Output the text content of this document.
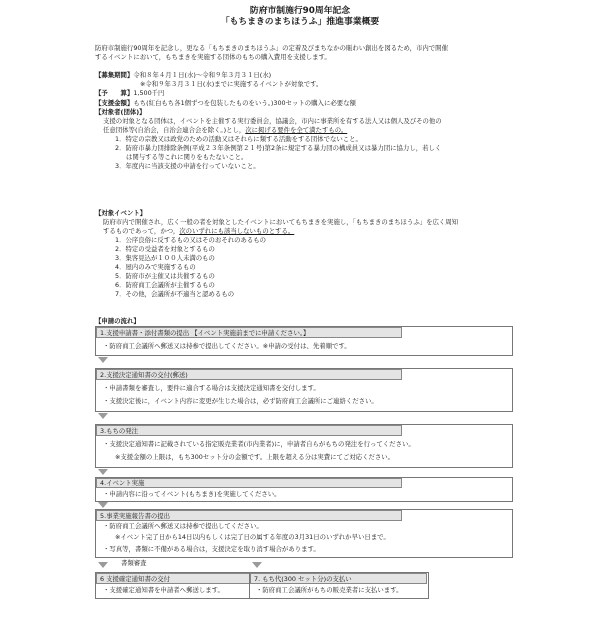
防府市制施行90周年記念
「もちまきのまちほうふ」推進事業概要
防府市制施行90周年を記念し，更なる「もちまきのまちほうふ」の定着及びまちなかの賑わい創出を図るため，市内で開催
するイベントにおいて，もちまきを実施する団体のもちの購入費用を支援します。
【募集期間】令和８年４月１日(水)～令和９年３月３１日(水)
※令和９年３月３１日(水)までに実施するイベントが対象です。
【予　　算】1,500千円
【支援金額】もち(紅白もち各1個ずつを包装したものをいう。)300セットの購入に必要な額
【対象者(団体)】
支援の対象となる団体は，イベントを主催する実行委員会，協議会，市内に事業所を有する法人又は個人及びその他の
任意団体等(自治会，自治会連合会を除く。)とし，次に掲げる要件を全て満たすもの。
1．特定の宗教又は政党のための活動又はそれらに類する活動をする団体でないこと。
2．防府市暴力団排除条例(平成２３年条例第２１号)第2条に規定する暴力団の構成員又は暴力団に協力し，若しく
は関与する等これに関りをもたないこと。
3．年度内に当該支援の申請を行っていないこと。
【対象イベント】
防府市内で開催され，広く一般の者を対象としたイベントにおいてもちまきを実施し，「もちまきのまちほうふ」を広く周知
するものであって，かつ，次のいずれにも該当しないものとする。
1．公序良俗に反するもの又はそのおそれのあるもの
2．特定の受益者を対象とするもの
3．集客見込が１００人未満のもの
4．屋内のみで実施するもの
5．防府市が主催又は共催するもの
6．防府商工会議所が主催するもの
7．その他，会議所が不適当と認めるもの
【申請の流れ】
1.支援申請書・添付書類の提出 【イベント実施前までに申請ください。】
・防府商工会議所へ郵送又は持参で提出してください。※申請の受付は、先着順です。
2.支援決定通知書の交付(郵送)
・申請書類を審査し，要件に適合する場合は支援決定通知書を交付します。
・支援決定後に，イベント内容に変更が生じた場合は，必ず防府商工会議所にご連絡ください。
3.もちの発注
・支援決定通知書に記載されている指定販売業者(市内業者)に，申請者自らがもちの発注を行ってください。
※支援金額の上限は，もち300セット分の金額です。上限を超える分は実費にてご対応ください。
4.イベント実施
・申請内容に沿ってイベント(もちまき)を実施してください。
5.事業実施報告書の提出
・防府商工会議所へ郵送又は持参で提出してください。
※イベント完了日から14日以内もしくは完了日の属する年度の3月31日のいずれか早い日まで。
・写真等，書類に不備がある場合は，支援決定を取り消す場合があります。
書類審査
6 支援確定通知書の交付
・支援確定通知書を申請者へ郵送します。
7. もち代(300 セット分)の支払い
・防府商工会議所がもちの販売業者に支払います。
